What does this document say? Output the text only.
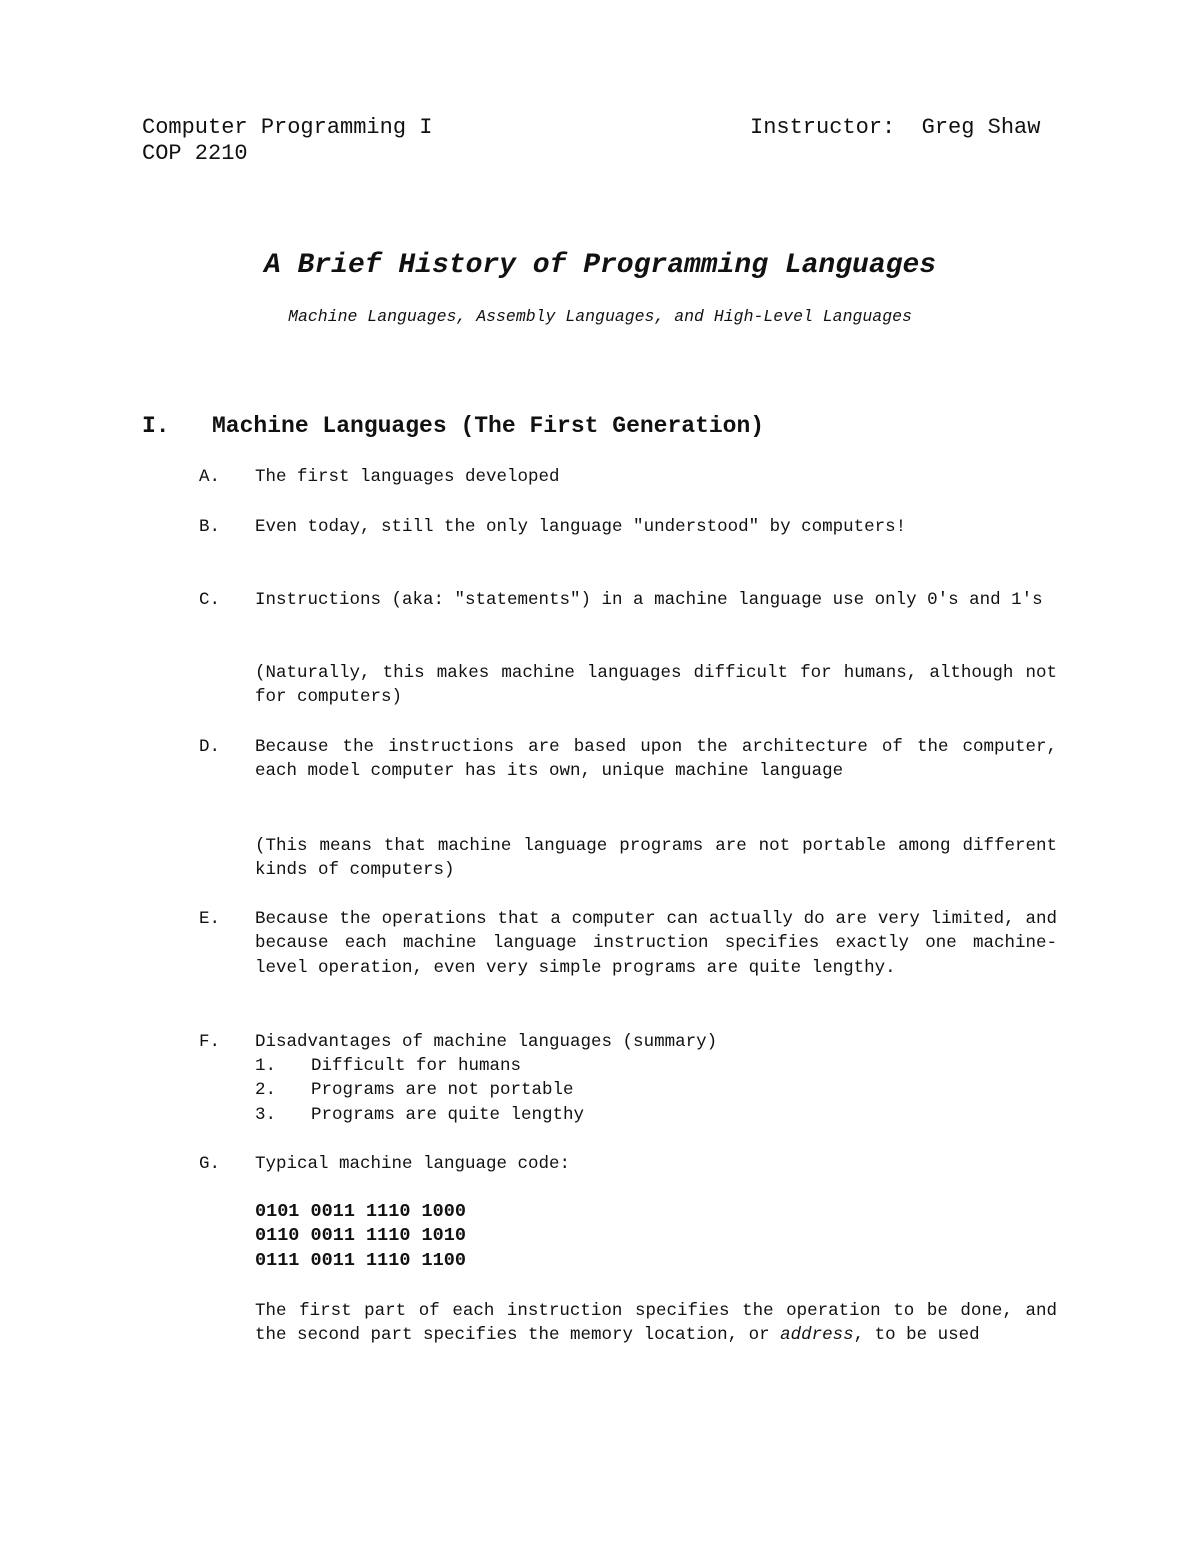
Computer Programming I
COP 2210
Instructor: Greg Shaw
A Brief History of Programming Languages
Machine Languages, Assembly Languages, and High-Level Languages
I. Machine Languages (The First Generation)
A. The first languages developed
B. Even today, still the only language "understood" by computers!
C. Instructions (aka: "statements") in a machine language use only 0's and 1's
(Naturally, this makes machine languages difficult for humans, although not for computers)
D. Because the instructions are based upon the architecture of the computer, each model computer has its own, unique machine language
(This means that machine language programs are not portable among different kinds of computers)
E. Because the operations that a computer can actually do are very limited, and because each machine language instruction specifies exactly one machine-level operation, even very simple programs are quite lengthy.
F. Disadvantages of machine languages (summary)
1. Difficult for humans
2. Programs are not portable
3. Programs are quite lengthy
G. Typical machine language code:
0101 0011 1110 1000
0110 0011 1110 1010
0111 0011 1110 1100
The first part of each instruction specifies the operation to be done, and the second part specifies the memory location, or address, to be used
